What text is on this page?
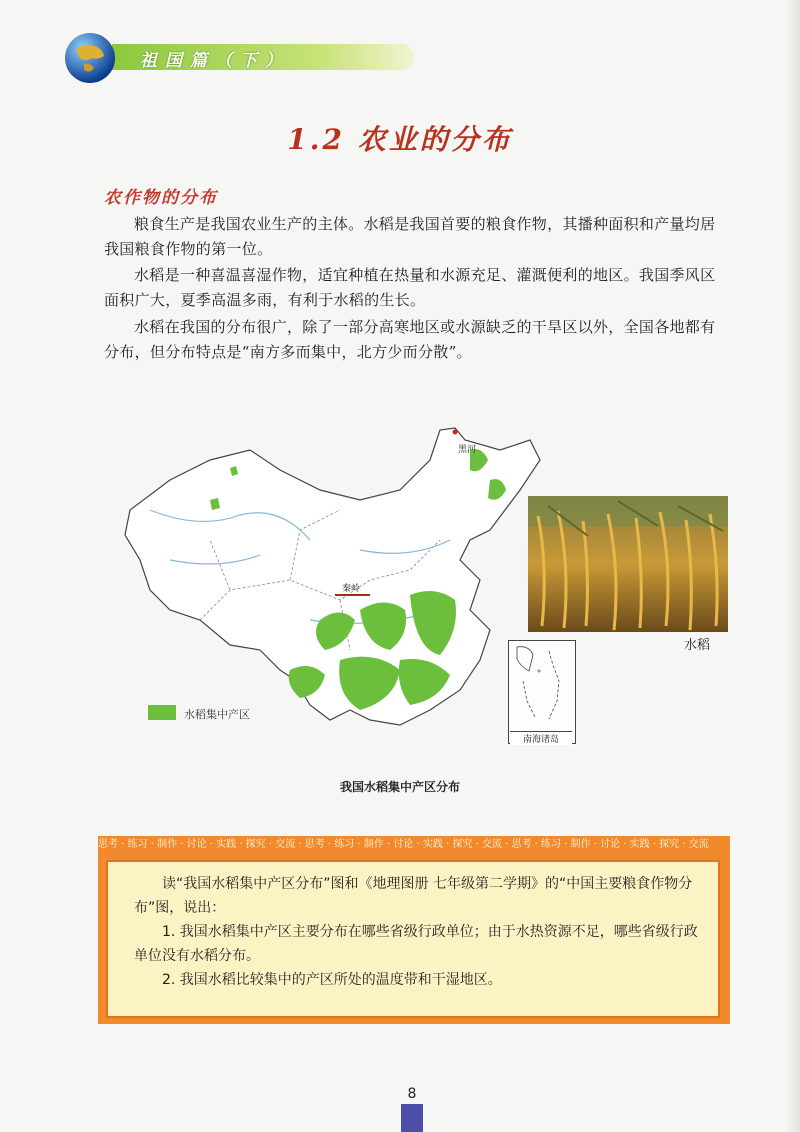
祖国篇（下）
1.2 农业的分布
农作物的分布
粮食生产是我国农业生产的主体。水稻是我国首要的粮食作物，其播种面积和产量均居我国粮食作物的第一位。
水稻是一种喜温喜湿作物，适宜种植在热量和水源充足、灌溉便利的地区。我国季风区面积广大，夏季高温多雨，有利于水稻的生长。
水稻在我国的分布很广，除了一部分高寒地区或水源缺乏的干旱区以外，全国各地都有分布，但分布特点是“南方多而集中，北方少而分散”。
黑河
秦岭
水稻集中产区
水稻
南海诸岛
我国水稻集中产区分布
思考 · 练习 · 制作 · 讨论 · 实践 · 探究 · 交流 · 思考 · 练习 · 制作 · 讨论 · 实践 · 探究 · 交流 · 思考 · 练习 · 制作 · 讨论 · 实践 · 探究 · 交流

读“我国水稻集中产区分布”图和《地理图册 七年级第二学期》的“中国主要粮食作物分布”图，说出：

1. 我国水稻集中产区主要分布在哪些省级行政单位；由于水热资源不足，哪些省级行政单位没有水稻分布。

2. 我国水稻比较集中的产区所处的温度带和干湿地区。

8
